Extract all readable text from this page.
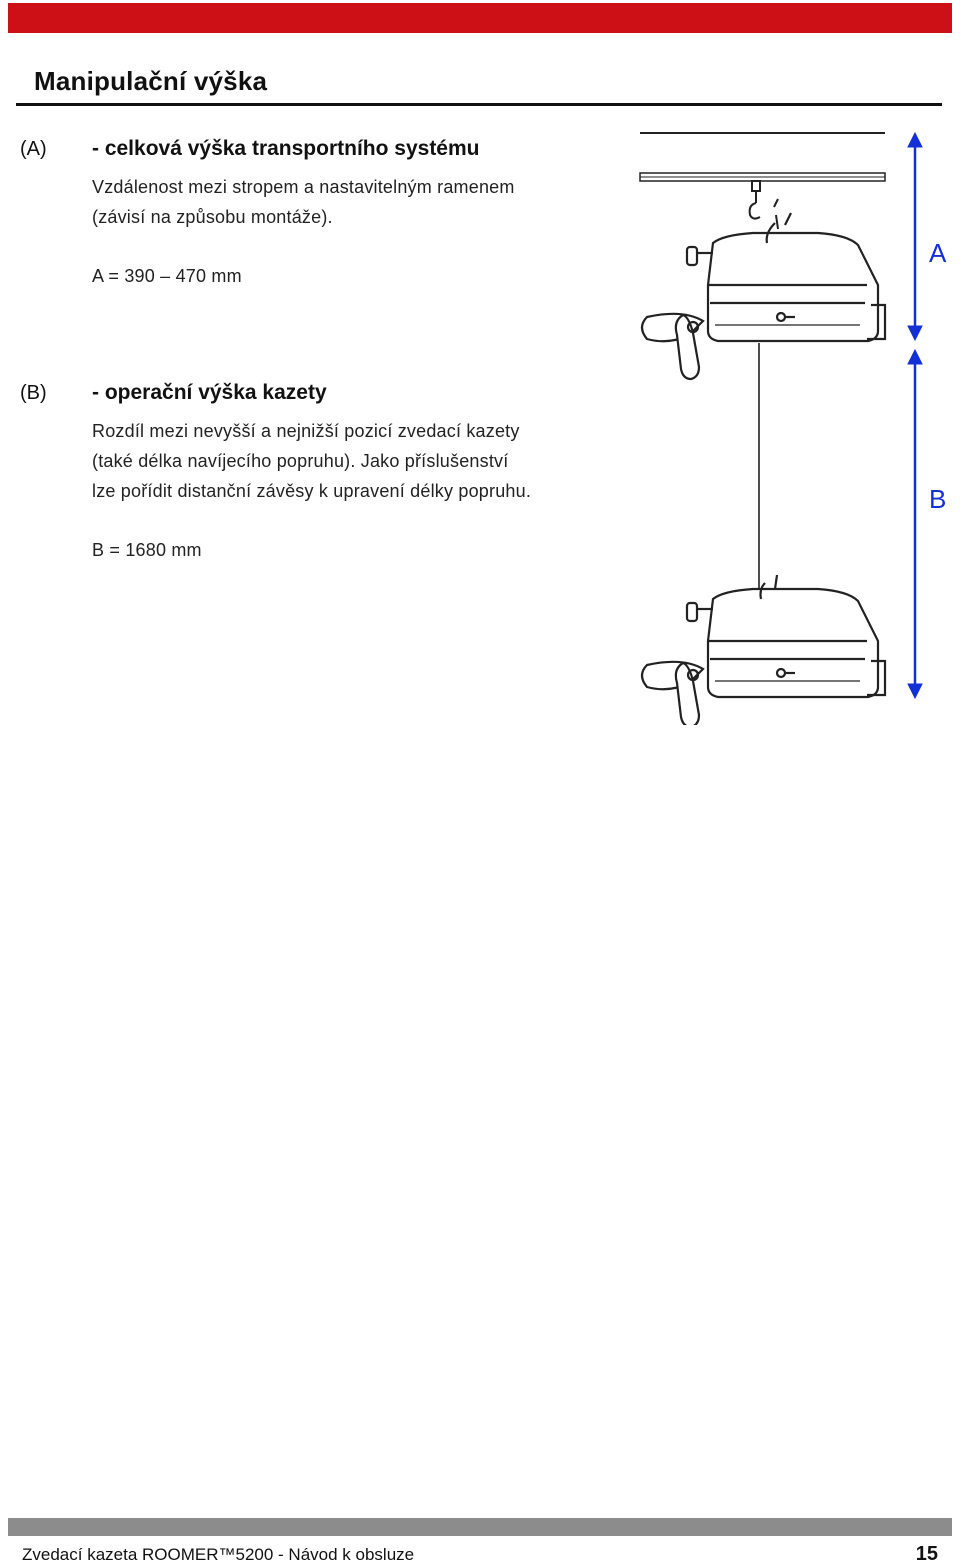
Manipulační výška
(A) - celková výška transportního systému
Vzdálenost mezi stropem a nastavitelným ramenem
(závisí na způsobu montáže).
A = 390 – 470 mm
(B) - operační výška kazety
Rozdíl mezi nevyšší a nejnižší pozicí zvedací kazety
(také délka navíjecího popruhu). Jako příslušenství
lze pořídit distanční závěsy k upravení délky popruhu.
B = 1680 mm
A
B
Zvedací kazeta ROOMER™5200 - Návod k obsluze	15
